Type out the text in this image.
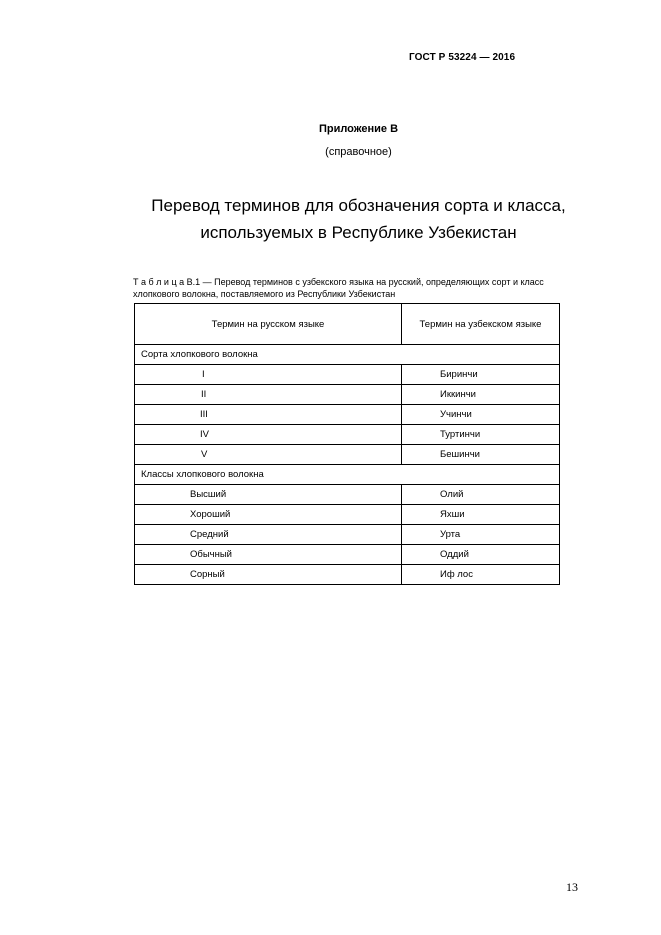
ГОСТ Р 53224 — 2016
Приложение В
(справочное)
Перевод терминов для обозначения сорта и класса,
используемых в Республике Узбекистан
Т а б л и ц а В.1 — Перевод терминов с узбекского языка на русский, определяющих сорт и класс
хлопкового волокна, поставляемого из Республики Узбекистан
Термин на русском языке	Термин на узбекском языке
Сорта хлопкового волокна	
I	Биринчи
II	Иккинчи
III	Учинчи
IV	Туртинчи
V	Бешинчи
Классы хлопкового волокна	
Высший	Олий
Хороший	Яхши
Средний	Урта
Обычный	Оддий
Сорный	Иф лос
13
